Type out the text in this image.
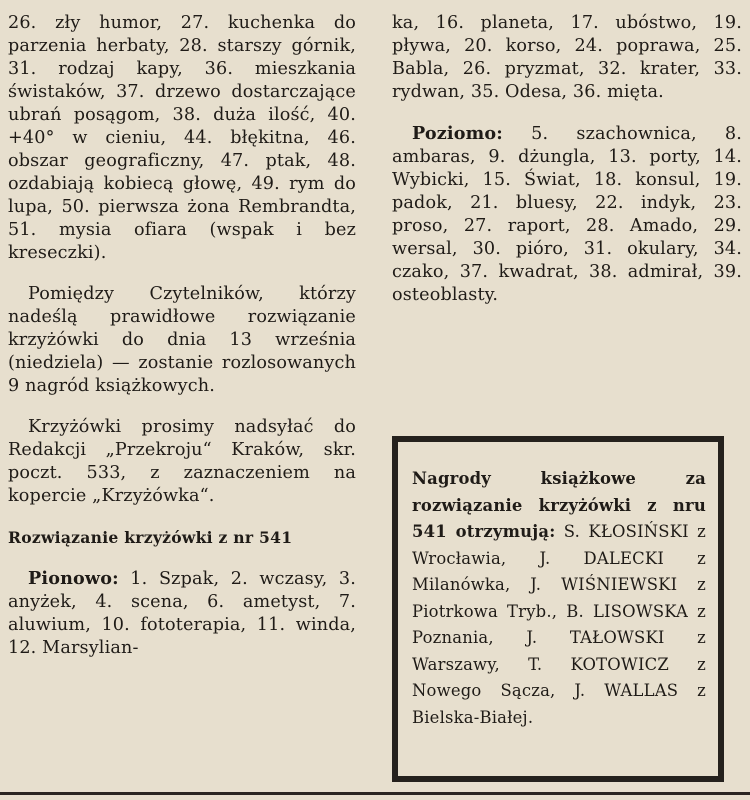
26. zły humor, 27. kuchenka do parzenia herbaty, 28. starszy górnik, 31. rodzaj kapy, 36. mieszkania świstaków, 37. drzewo dostarczające ubrań posągom, 38. duża ilość, 40. +40° w cieniu, 44. błękitna, 46. obszar geograficzny, 47. ptak, 48. ozdabiają kobiecą głowę, 49. rym do lupa, 50. pierwsza żona Rembrandta, 51. mysia ofiara (wspak i bez kreseczki).

Pomiędzy Czytelników, którzy nadeślą prawidłowe rozwiązanie krzyżówki do dnia 13 września (niedziela) — zostanie rozlosowanych 9 nagród książkowych.

Krzyżówki prosimy nadsyłać do Redakcji „Przekroju“ Kraków, skr. poczt. 533, z zaznaczeniem na kopercie „Krzyżówka“.

Rozwiązanie krzyżówki z nr 541

Pionowo: 1. Szpak, 2. wczasy, 3. anyżek, 4. scena, 6. ametyst, 7. aluwium, 10. fototerapia, 11. winda, 12. Marsylian-

ka, 16. planeta, 17. ubóstwo, 19. pływa, 20. korso, 24. poprawa, 25. Babla, 26. pryzmat, 32. krater, 33. rydwan, 35. Odesa, 36. mięta.

Poziomo: 5. szachownica, 8. ambaras, 9. dżungla, 13. porty, 14. Wybicki, 15. Świat, 18. konsul, 19. padok, 21. bluesy, 22. indyk, 23. proso, 27. raport, 28. Amado, 29. wersal, 30. pióro, 31. okulary, 34. czako, 37. kwadrat, 38. admirał, 39. osteoblasty.

Nagrody książkowe za rozwiązanie krzyżówki z nru 541 otrzymują: S. KŁOSIŃSKI z Wrocławia, J. DALECKI z Milanówka, J. WIŚNIEWSKI z Piotrkowa Tryb., B. LISOWSKA z Poznania, J. TAŁOWSKI z Warszawy, T. KOTOWICZ z Nowego Sącza, J. WALLAS z Bielska-Białej.
